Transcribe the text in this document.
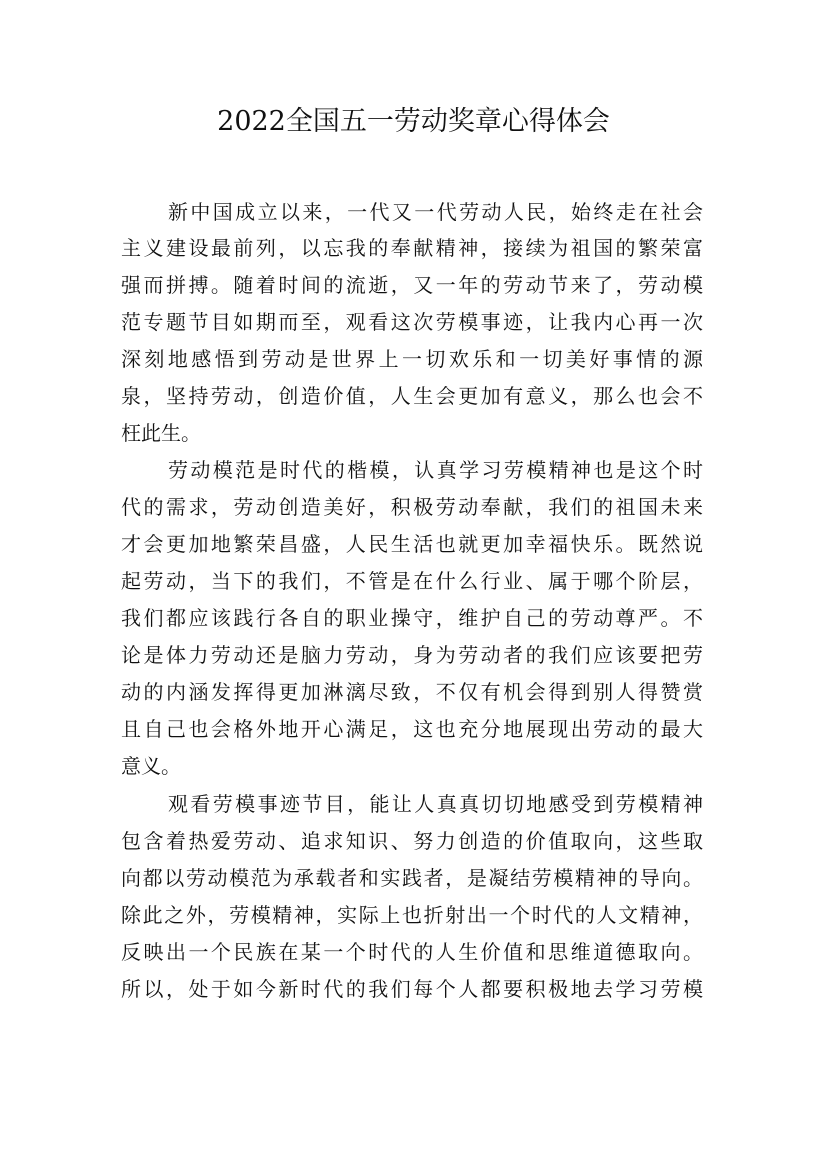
2022全国五一劳动奖章心得体会
新中国成立以来，一代又一代劳动人民，始终走在社会
主义建设最前列，以忘我的奉献精神，接续为祖国的繁荣富
强而拼搏。随着时间的流逝，又一年的劳动节来了，劳动模
范专题节目如期而至，观看这次劳模事迹，让我内心再一次
深刻地感悟到劳动是世界上一切欢乐和一切美好事情的源
泉，坚持劳动，创造价值，人生会更加有意义，那么也会不
枉此生。
劳动模范是时代的楷模，认真学习劳模精神也是这个时
代的需求，劳动创造美好，积极劳动奉献，我们的祖国未来
才会更加地繁荣昌盛，人民生活也就更加幸福快乐。既然说
起劳动，当下的我们，不管是在什么行业、属于哪个阶层，
我们都应该践行各自的职业操守，维护自己的劳动尊严。不
论是体力劳动还是脑力劳动，身为劳动者的我们应该要把劳
动的内涵发挥得更加淋漓尽致，不仅有机会得到别人得赞赏
且自己也会格外地开心满足，这也充分地展现出劳动的最大
意义。
观看劳模事迹节目，能让人真真切切地感受到劳模精神
包含着热爱劳动、追求知识、努力创造的价值取向，这些取
向都以劳动模范为承载者和实践者，是凝结劳模精神的导向。
除此之外，劳模精神，实际上也折射出一个时代的人文精神，
反映出一个民族在某一个时代的人生价值和思维道德取向。
所以，处于如今新时代的我们每个人都要积极地去学习劳模
